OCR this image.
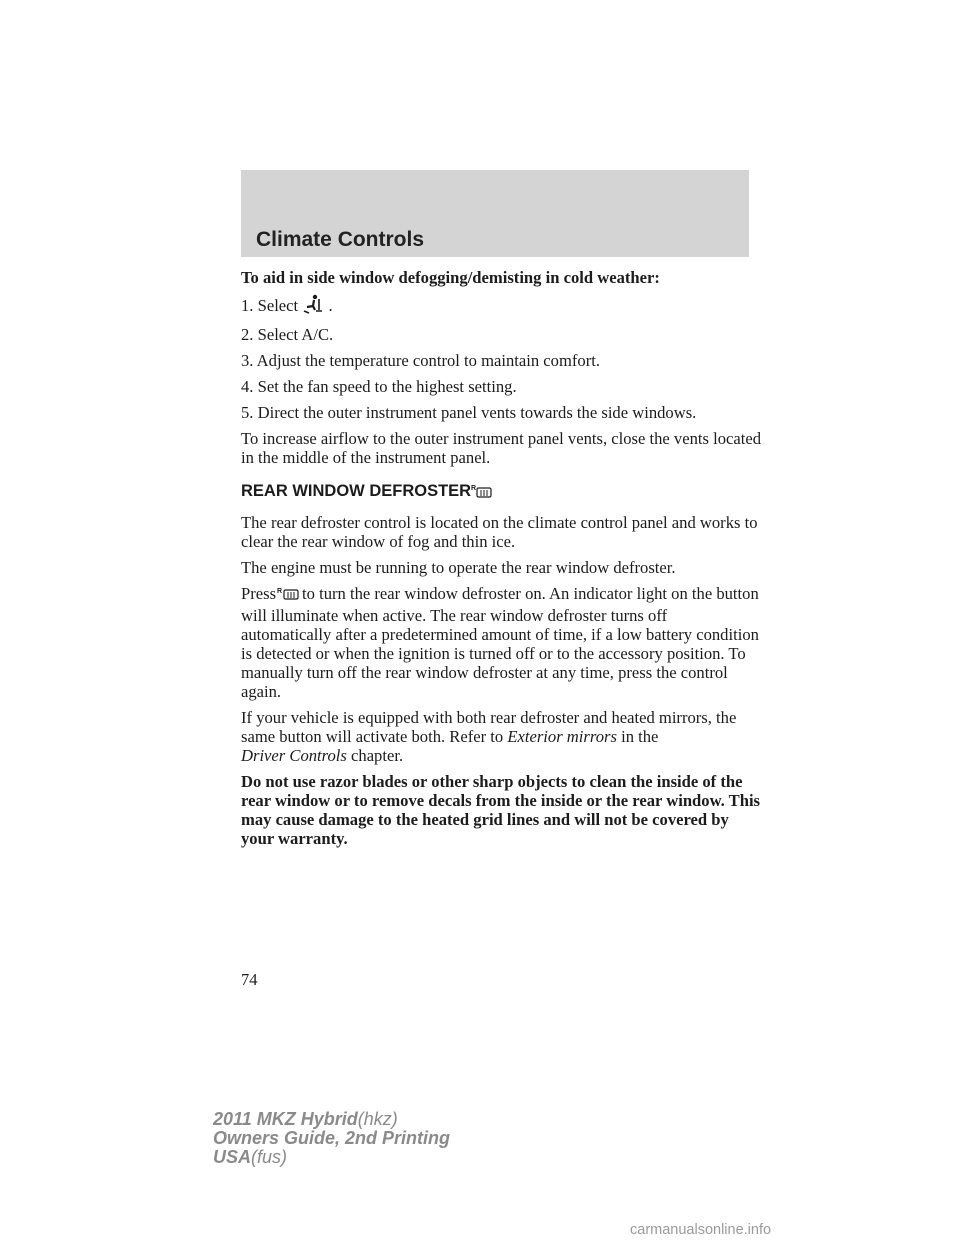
Climate Controls

To aid in side window defogging/demisting in cold weather:

1. Select .

2. Select A/C.

3. Adjust the temperature control to maintain comfort.

4. Set the fan speed to the highest setting.

5. Direct the outer instrument panel vents towards the side windows.

To increase airflow to the outer instrument panel vents, close the vents located in the middle of the instrument panel.

REAR WINDOW DEFROSTER R

The rear defroster control is located on the climate control panel and works to clear the rear window of fog and thin ice.

The engine must be running to operate the rear window defroster.

Press R to turn the rear window defroster on. An indicator light on the button will illuminate when active. The rear window defroster turns off automatically after a predetermined amount of time, if a low battery condition is detected or when the ignition is turned off or to the accessory position. To manually turn off the rear window defroster at any time, press the control again.

If your vehicle is equipped with both rear defroster and heated mirrors, the same button will activate both. Refer to Exterior mirrors in the
Driver Controls chapter.

Do not use razor blades or other sharp objects to clean the inside of the rear window or to remove decals from the inside or the rear window. This may cause damage to the heated grid lines and will not be covered by your warranty.

74
2011 MKZ Hybrid(hkz)
Owners Guide, 2nd Printing
USA(fus)
carmanualsonline.info
